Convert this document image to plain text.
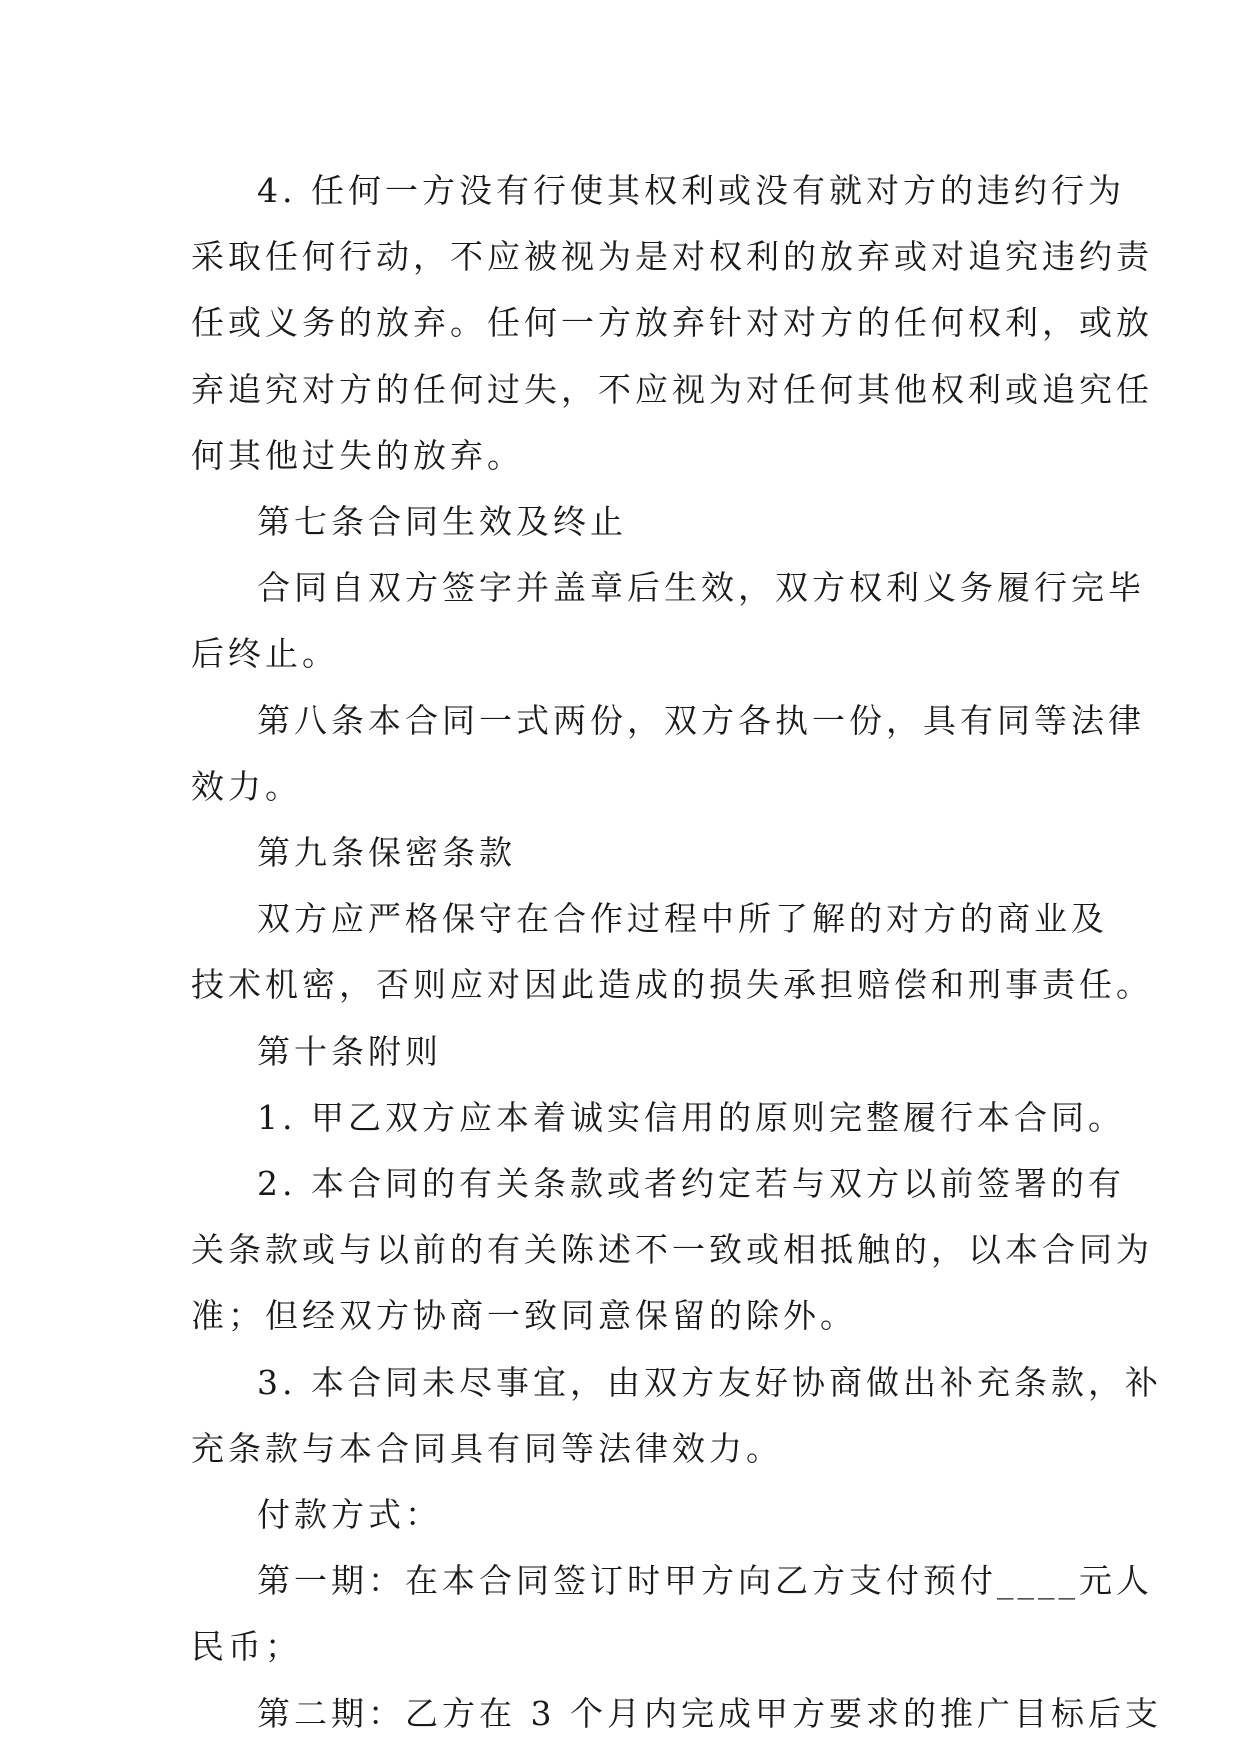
4. 任何一方没有行使其权利或没有就对方的违约行为
采取任何行动，不应被视为是对权利的放弃或对追究违约责
任或义务的放弃。任何一方放弃针对对方的任何权利，或放
弃追究对方的任何过失，不应视为对任何其他权利或追究任
何其他过失的放弃。
第七条合同生效及终止
合同自双方签字并盖章后生效，双方权利义务履行完毕
后终止。
第八条本合同一式两份，双方各执一份，具有同等法律
效力。
第九条保密条款
双方应严格保守在合作过程中所了解的对方的商业及
技术机密，否则应对因此造成的损失承担赔偿和刑事责任。
第十条附则
1. 甲乙双方应本着诚实信用的原则完整履行本合同。
2. 本合同的有关条款或者约定若与双方以前签署的有
关条款或与以前的有关陈述不一致或相抵触的，以本合同为
准；但经双方协商一致同意保留的除外。
3. 本合同未尽事宜，由双方友好协商做出补充条款，补
充条款与本合同具有同等法律效力。
付款方式：
第一期：在本合同签订时甲方向乙方支付预付____元人
民币；
第二期：乙方在 3 个月内完成甲方要求的推广目标后支
